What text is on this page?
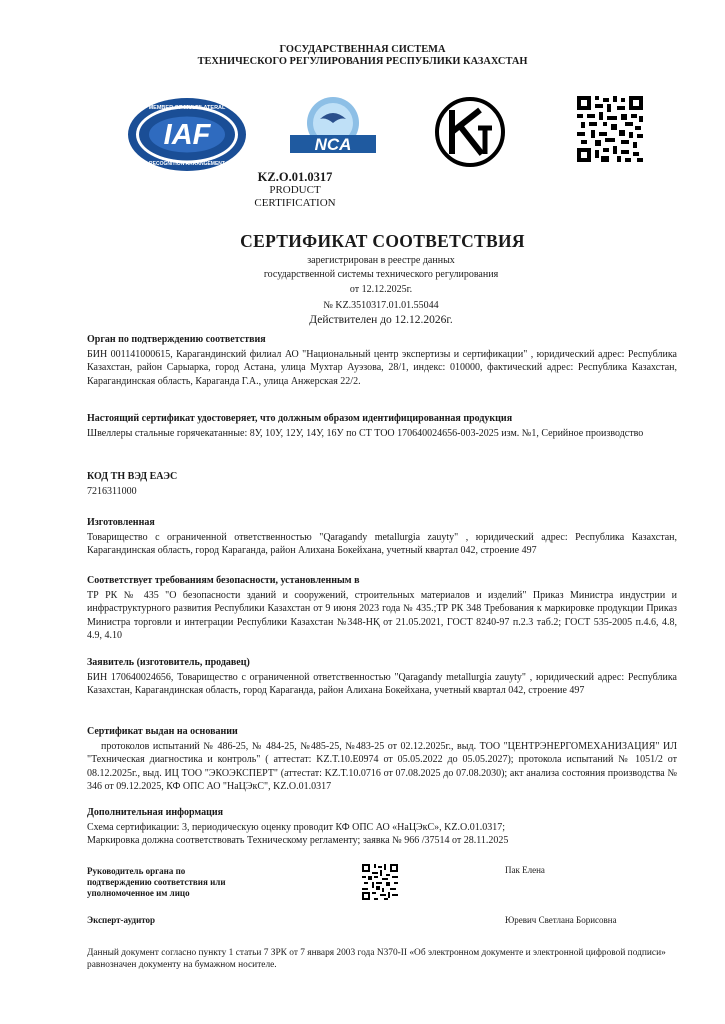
ГОСУДАРСТВЕННАЯ СИСТЕМА
ТЕХНИЧЕСКОГО РЕГУЛИРОВАНИЯ РЕСПУБЛИКИ КАЗАХСТАН
MEMBER OF MULTILATERAL
IAF
RECOGNITION ARRANGEMENT
NCA
KZ.O.01.0317
PRODUCT
CERTIFICATION
СЕРТИФИКАТ СООТВЕТСТВИЯ
зарегистрирован в реестре данных
государственной системы технического регулирования
от 12.12.2025г.
№ KZ.3510317.01.01.55044
Действителен до 12.12.2026г.
Орган по подтверждению соответствия
БИН 001141000615, Карагандинский филиал АО "Национальный центр экспертизы и сертификации" , юридический адрес: Республика Казахстан, район Сарыарка, город Астана, улица Мухтар Ауэзова, 28/1, индекс: 010000, фактический адрес: Республика Казахстан, Карагандинская область, Караганда Г.А., улица Анжерская 22/2.
Настоящий сертификат удостоверяет, что должным образом идентифицированная продукция
Швеллеры стальные горячекатанные: 8У, 10У, 12У, 14У, 16У по СТ ТОО 170640024656-003-2025 изм. №1, Серийное производство
КОД ТН ВЭД ЕАЭС
7216311000
Изготовленная
Товарищество с ограниченной ответственностью "Qaragandy metallurgia zauyty" , юридический адрес: Республика Казахстан, Карагандинская область, город Караганда, район Алихана Бокейхана, учетный квартал 042, строение 497
Соответствует требованиям безопасности, установленным в
ТР РК № 435 "О безопасности зданий и сооружений, строительных материалов и изделий" Приказ Министра индустрии и инфраструктурного развития Республики Казахстан от 9 июня 2023 года № 435.;ТР РК 348 Требования к маркировке продукции Приказ Министра торговли и интеграции Республики Казахстан №348-НҚ от 21.05.2021, ГОСТ 8240-97 п.2.3 таб.2; ГОСТ 535-2005 п.4.6, 4.8, 4.9, 4.10
Заявитель (изготовитель, продавец)
БИН 170640024656, Товарищество с ограниченной ответственностью "Qaragandy metallurgia zauyty" , юридический адрес: Республика Казахстан, Карагандинская область, город Караганда, район Алихана Бокейхана, учетный квартал 042, строение 497
Сертификат выдан на основании
протоколов испытаний № 486-25, № 484-25, №485-25, №483-25 от 02.12.2025г., выд. ТОО "ЦЕНТРЭНЕРГОМЕХАНИЗАЦИЯ" ИЛ "Техническая диагностика и контроль" ( аттестат: KZ.T.10.E0974 от 05.05.2022 до 05.05.2027); протокола испытаний № 1051/2 от 08.12.2025г., выд. ИЦ ТОО "ЭКОЭКСПЕРТ" (аттестат: KZ.T.10.0716 от 07.08.2025 до 07.08.2030); акт анализа состояния производства № 346 от 09.12.2025, КФ ОПС АО "НаЦЭкС", KZ.O.01.0317
Дополнительная информация
Схема сертификации: 3, периодическую оценку проводит КФ ОПС АО «НаЦЭкС», KZ.O.01.0317;
Маркировка должна соответствовать Техническому регламенту; заявка № 966 /37514 от 28.11.2025
Руководитель органа по подтверждению соответствия или уполномоченное им лицо
Пак Елена
Эксперт-аудитор	Юревич Светлана Борисовна
Данный документ согласно пункту 1 статьи 7 ЗРК от 7 января 2003 года N370-II «Об электронном документе и электронной цифровой подписи» равнозначен документу на бумажном носителе.
